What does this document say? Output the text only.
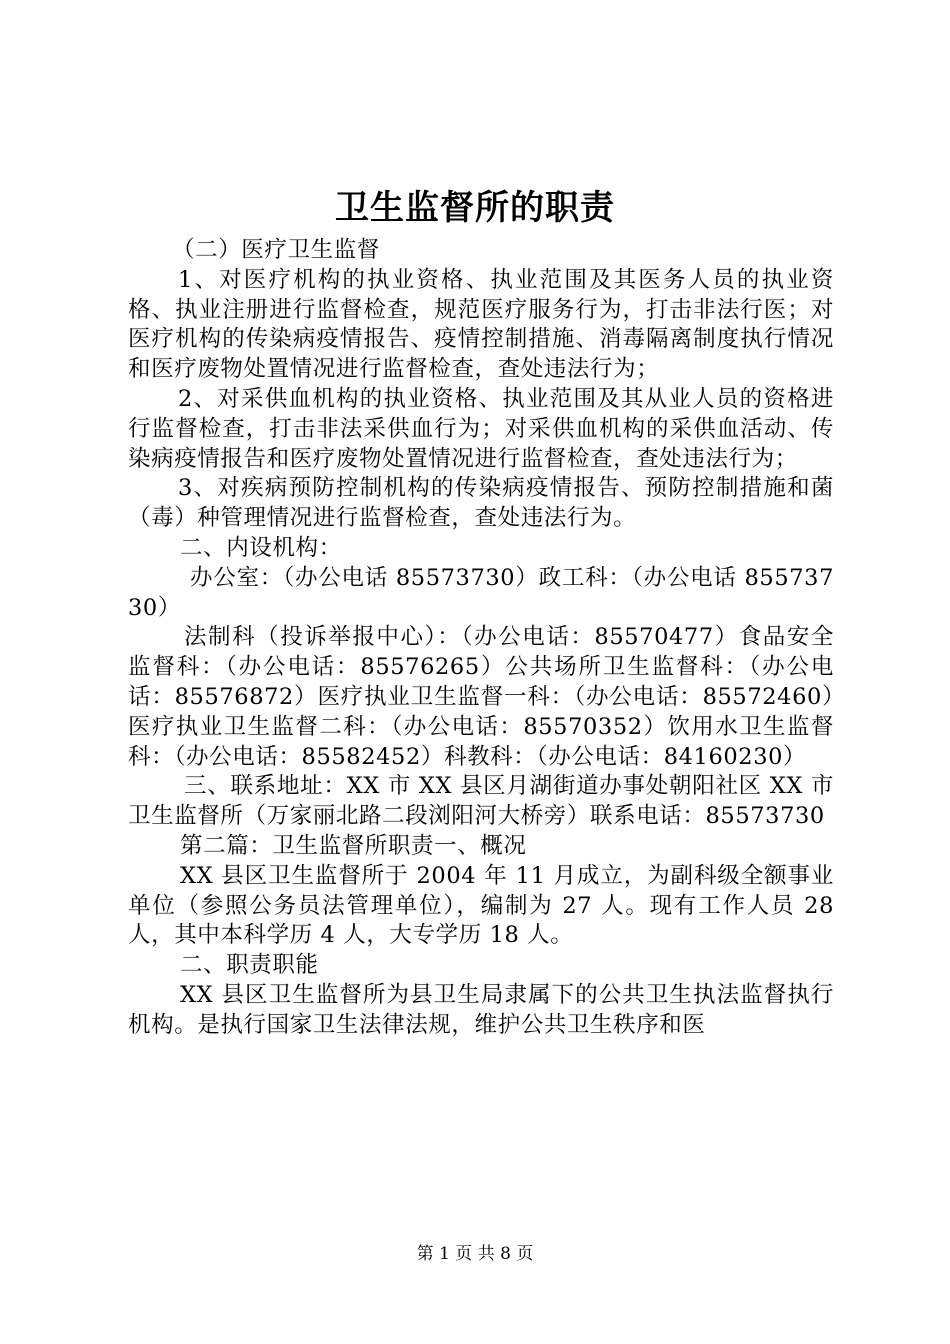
卫生监督所的职责

（二）医疗卫生监督

1、对医疗机构的执业资格、执业范围及其医务人员的执业资格、执业注册进行监督检查，规范医疗服务行为，打击非法行医；对医疗机构的传染病疫情报告、疫情控制措施、消毒隔离制度执行情况和医疗废物处置情况进行监督检查，查处违法行为；

2、对采供血机构的执业资格、执业范围及其从业人员的资格进行监督检查，打击非法采供血行为；对采供血机构的采供血活动、传染病疫情报告和医疗废物处置情况进行监督检查，查处违法行为；

3、对疾病预防控制机构的传染病疫情报告、预防控制措施和菌（毒）种管理情况进行监督检查，查处违法行为。

二、内设机构：

办公室：（办公电话 85573730）政工科：（办公电话 85573730）

法制科（投诉举报中心）：（办公电话：85570477）食品安全监督科：（办公电话：85576265）公共场所卫生监督科：（办公电话：85576872）医疗执业卫生监督一科：（办公电话：85572460）医疗执业卫生监督二科：（办公电话：85570352）饮用水卫生监督科：（办公电话：85582452）科教科：（办公电话：84160230）

三、联系地址：XX 市 XX 县区月湖街道办事处朝阳社区 XX 市卫生监督所（万家丽北路二段浏阳河大桥旁）联系电话：85573730

第二篇：卫生监督所职责一、概况

XX 县区卫生监督所于 2004 年 11 月成立，为副科级全额事业单位（参照公务员法管理单位），编制为 27 人。现有工作人员 28 人，其中本科学历 4 人，大专学历 18 人。

二、职责职能

XX 县区卫生监督所为县卫生局隶属下的公共卫生执法监督执行机构。是执行国家卫生法律法规，维护公共卫生秩序和医

第 1 页 共 8 页
